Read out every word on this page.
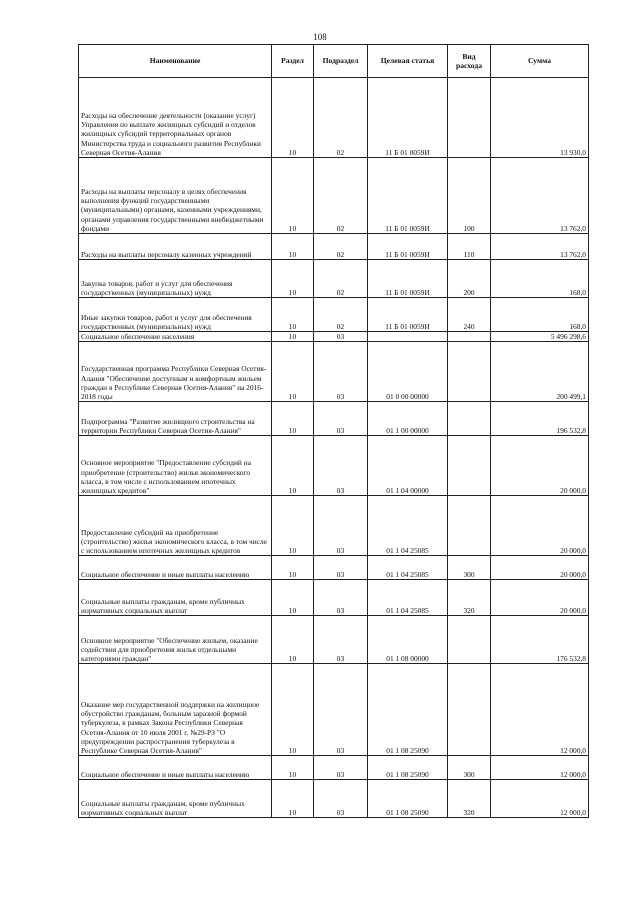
108
Наименование	Раздел	Подраздел	Целевая статья	Вид расхода	Сумма
Расходы на обеспечение деятельности (оказание услуг) Управления по выплате жилищных субсидий и отделов жилищных субсидий территориальных органов Министерства труда и социального развития Республики Северная Осетия-Алания	10	02	11 Б 01 0059И		13 930,0
Расходы на выплаты персоналу в целях обеспечения выполнения функций государственными (муниципальными) органами, казенными учреждениями, органами управления государственными внебюджетными фондами	10	02	11 Б 01 0059И	100	13 762,0
Расходы на выплаты персоналу казенных учреждений	10	02	11 Б 01 0059И	110	13 762,0
Закупка товаров, работ и услуг для обеспечения государственных (муниципальных) нужд	10	02	11 Б 01 0059И	200	168,0
Иные закупки товаров, работ и услуг для обеспечения государственных (муниципальных) нужд	10	02	11 Б 01 0059И	240	168,0
Социальное обеспечение населения	10	03			5 496 298,6
Государственная программа Республики Северная Осетия-Алания "Обеспечение доступным и комфортным жильем граждан в Республике Северная Осетия-Алания" на 2016-2018 годы	10	03	01 0 00 00000		200 499,1
Подпрограмма "Развитие жилищного строительства на территории Республики Северная Осетия-Алания"	10	03	01 1 00 00000		196 532,8
Основное мероприятие "Предоставление субсидий на приобретение (строительство) жилья экономического класса, в том числе с использованием ипотечных жилищных кредитов"	10	03	01 1 04 00000		20 000,0
Предоставление субсидий на приобретение (строительство) жилья экономического класса, в том числе с использованием ипотечных жилищных кредитов	10	03	01 1 04 25085		20 000,0
Социальное обеспечение и иные выплаты населению	10	03	01 1 04 25085	300	20 000,0
Социальные выплаты гражданам, кроме публичных нормативных социальных выплат	10	03	01 1 04 25085	320	20 000,0
Основное мероприятие "Обеспечение жильем, оказание содействия для приобретения жилья отдельными категориями граждан"	10	03	01 1 08 00000		176 532,8
Оказание мер государственной поддержки на жилищное обустройство гражданам, больным заразной формой туберкулеза, в рамках Закона Республики Северная Осетия-Алания от 10 июля 2001 г. №29-РЗ "О предупреждении распространения туберкулеза в Республике Северная Осетия-Алания"	10	03	01 1 08 25090		12 000,0
Социальное обеспечение и иные выплаты населению	10	03	01 1 08 25090	300	12 000,0
Социальные выплаты гражданам, кроме публичных нормативных социальных выплат	10	03	01 1 08 25090	320	12 000,0
